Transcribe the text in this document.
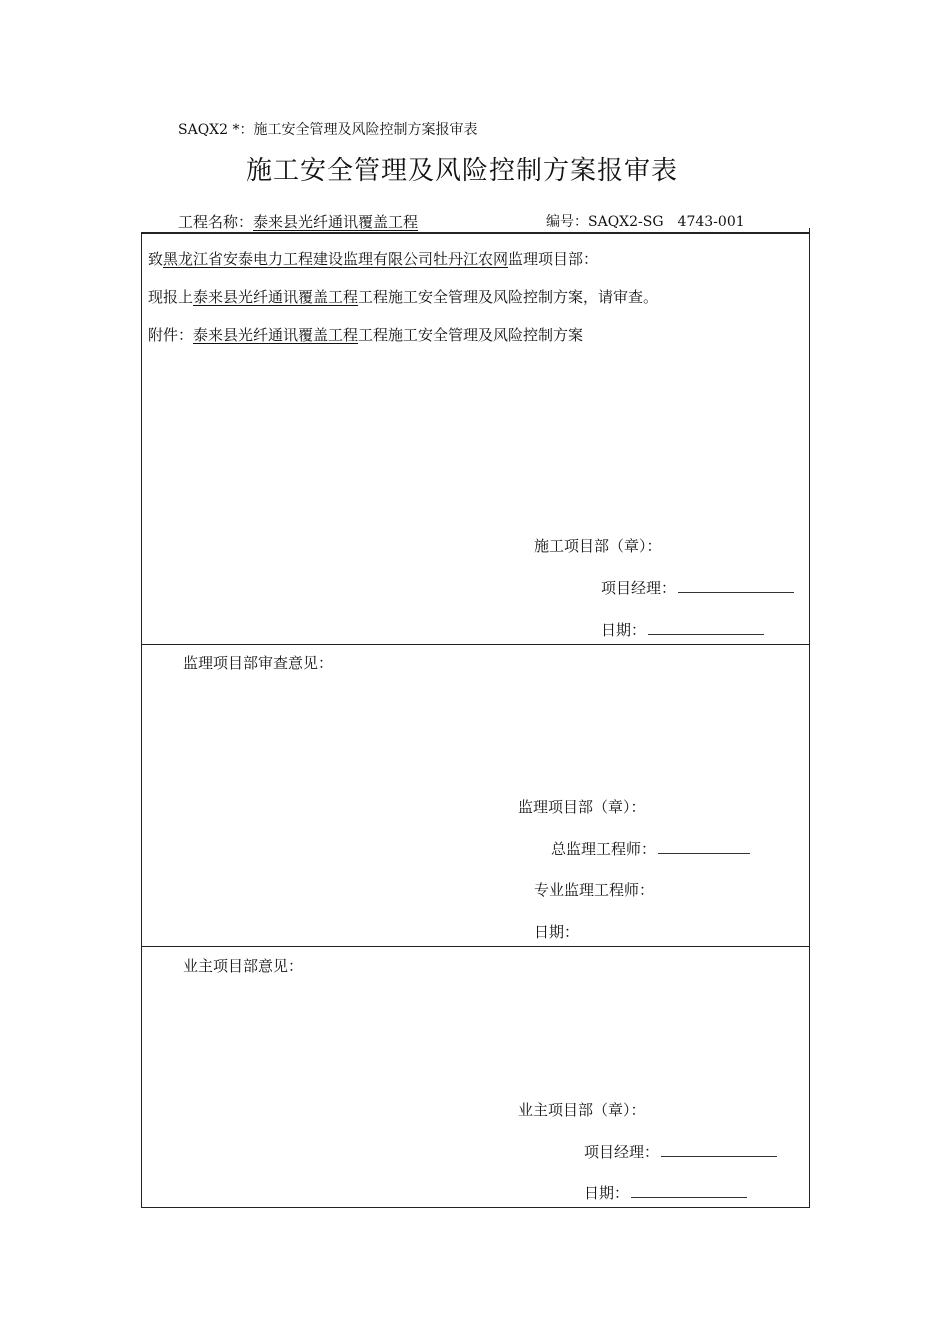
SAQX2 *：施工安全管理及风险控制方案报审表
施工安全管理及风险控制方案报审表
工程名称：泰来县光纤通讯覆盖工程	编号：SAQX2-SG　4743-001
致黑龙江省安泰电力工程建设监理有限公司牡丹江农网监理项目部：
现报上泰来县光纤通讯覆盖工程工程施工安全管理及风险控制方案，请审查。
附件：泰来县光纤通讯覆盖工程工程施工安全管理及风险控制方案
施工项目部（章）：
项目经理：
日期：
监理项目部审查意见：
监理项目部（章）：
总监理工程师：
专业监理工程师：
日期：
业主项目部意见：
业主项目部（章）：
项目经理：
日期：
